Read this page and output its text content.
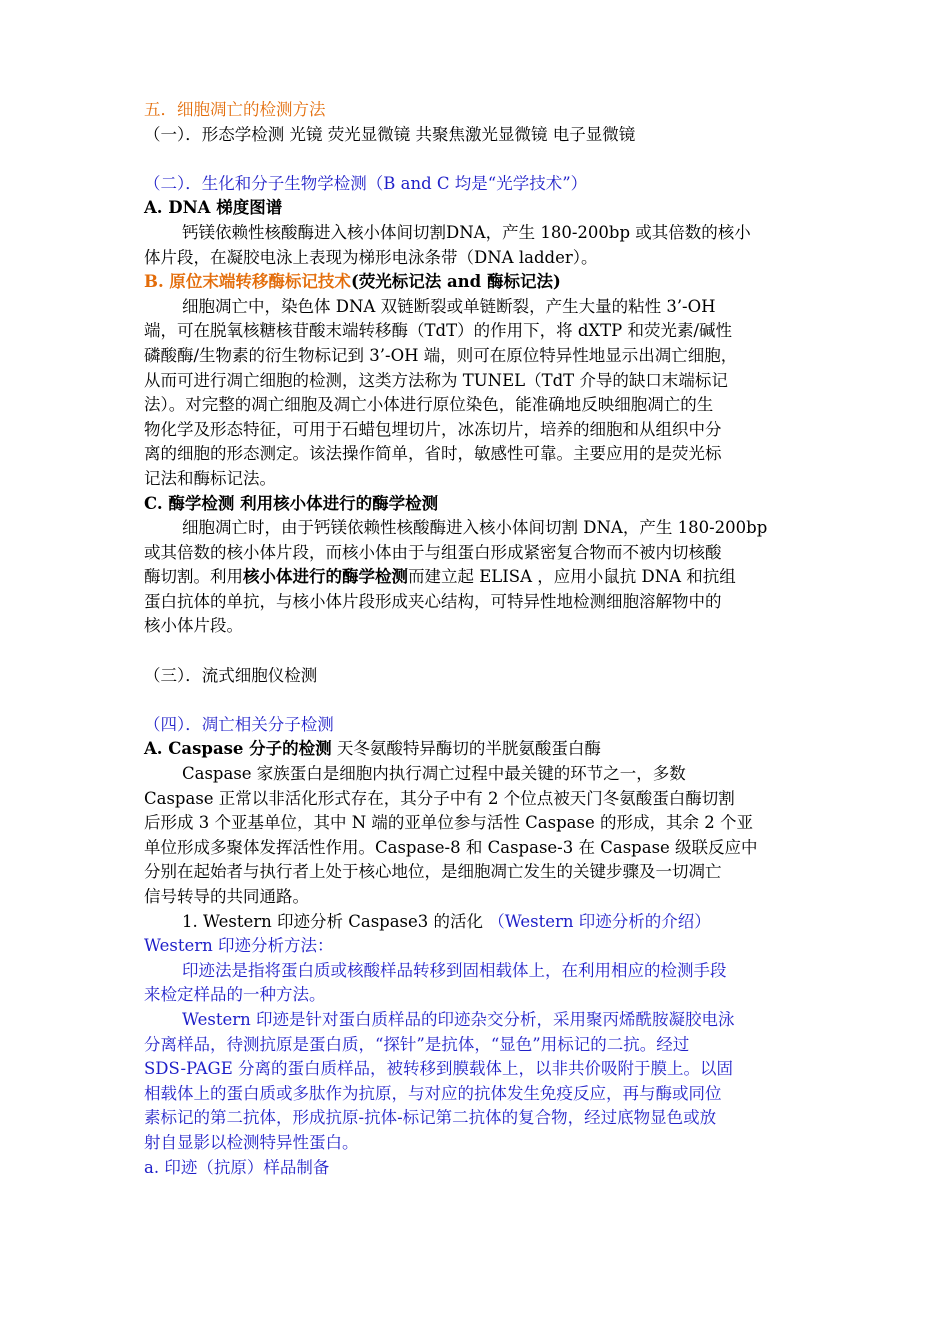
五．细胞凋亡的检测方法
（一）．形态学检测 光镜 荧光显微镜 共聚焦激光显微镜 电子显微镜
（二）．生化和分子生物学检测（B and C 均是“光学技术”）
A. DNA 梯度图谱
钙镁依赖性核酸酶进入核小体间切割DNA，产生 180-200bp 或其倍数的核小
体片段，在凝胶电泳上表现为梯形电泳条带（DNA ladder）。
B. 原位末端转移酶标记技术(荧光标记法 and 酶标记法)
细胞凋亡中，染色体 DNA 双链断裂或单链断裂，产生大量的粘性 3’-OH
端，可在脱氧核糖核苷酸末端转移酶（TdT）的作用下，将 dXTP 和荧光素/碱性
磷酸酶/生物素的衍生物标记到 3’-OH 端，则可在原位特异性地显示出凋亡细胞，
从而可进行凋亡细胞的检测，这类方法称为 TUNEL（TdT 介导的缺口末端标记
法）。对完整的凋亡细胞及凋亡小体进行原位染色，能准确地反映细胞凋亡的生
物化学及形态特征，可用于石蜡包埋切片，冰冻切片，培养的细胞和从组织中分
离的细胞的形态测定。该法操作简单，省时，敏感性可靠。主要应用的是荧光标
记法和酶标记法。
C. 酶学检测 利用核小体进行的酶学检测
细胞凋亡时，由于钙镁依赖性核酸酶进入核小体间切割 DNA，产生 180-200bp
或其倍数的核小体片段，而核小体由于与组蛋白形成紧密复合物而不被内切核酸
酶切割。利用核小体进行的酶学检测而建立起 ELISA ，应用小鼠抗 DNA 和抗组
蛋白抗体的单抗，与核小体片段形成夹心结构，可特异性地检测细胞溶解物中的
核小体片段。
（三）．流式细胞仪检测
（四）．凋亡相关分子检测
A. Caspase 分子的检测 天冬氨酸特异酶切的半胱氨酸蛋白酶
Caspase 家族蛋白是细胞内执行凋亡过程中最关键的环节之一，多数
Caspase 正常以非活化形式存在，其分子中有 2 个位点被天门冬氨酸蛋白酶切割
后形成 3 个亚基单位，其中 N 端的亚单位参与活性 Caspase 的形成，其余 2 个亚
单位形成多聚体发挥活性作用。Caspase-8 和 Caspase-3 在 Caspase 级联反应中
分别在起始者与执行者上处于核心地位，是细胞凋亡发生的关键步骤及一切凋亡
信号转导的共同通路。
1. Western 印迹分析 Caspase3 的活化 （Western 印迹分析的介绍）
Western 印迹分析方法：
印迹法是指将蛋白质或核酸样品转移到固相载体上，在利用相应的检测手段
来检定样品的一种方法。
Western 印迹是针对蛋白质样品的印迹杂交分析，采用聚丙烯酰胺凝胶电泳
分离样品，待测抗原是蛋白质，“探针”是抗体，“显色”用标记的二抗。经过
SDS-PAGE 分离的蛋白质样品，被转移到膜载体上，以非共价吸附于膜上。以固
相载体上的蛋白质或多肽作为抗原，与对应的抗体发生免疫反应，再与酶或同位
素标记的第二抗体，形成抗原-抗体-标记第二抗体的复合物，经过底物显色或放
射自显影以检测特异性蛋白。
a. 印迹（抗原）样品制备
